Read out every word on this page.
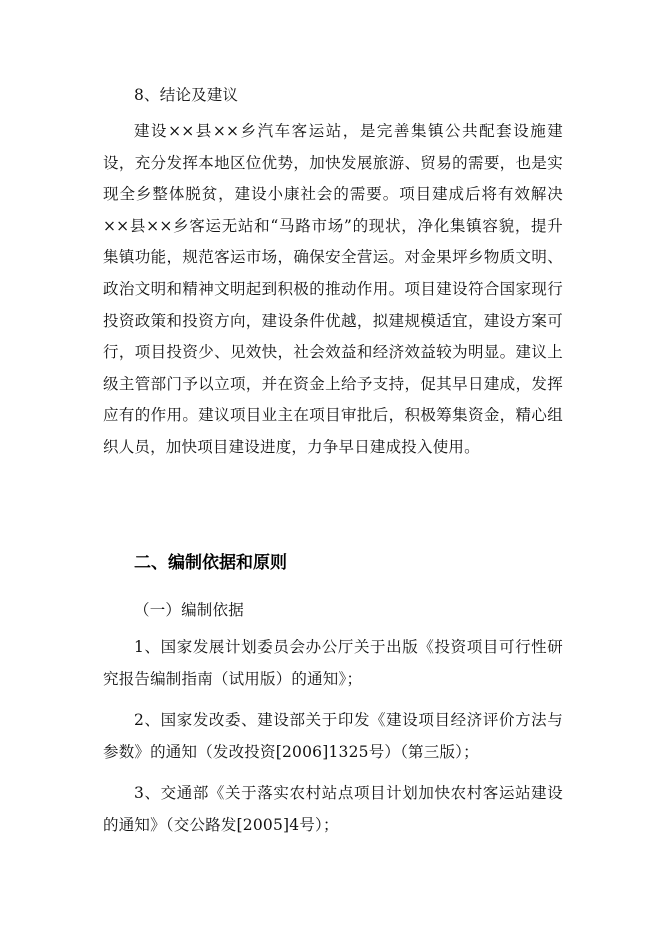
8、结论及建议

建设××县××乡汽车客运站，是完善集镇公共配套设施建设，充分发挥本地区位优势，加快发展旅游、贸易的需要，也是实现全乡整体脱贫，建设小康社会的需要。项目建成后将有效解决××县××乡客运无站和“马路市场”的现状，净化集镇容貌，提升集镇功能，规范客运市场，确保安全营运。对金果坪乡物质文明、政治文明和精神文明起到积极的推动作用。项目建设符合国家现行投资政策和投资方向，建设条件优越，拟建规模适宜，建设方案可行，项目投资少、见效快，社会效益和经济效益较为明显。建议上级主管部门予以立项，并在资金上给予支持，促其早日建成，发挥应有的作用。建议项目业主在项目审批后，积极筹集资金，精心组织人员，加快项目建设进度，力争早日建成投入使用。

二、编制依据和原则

（一）编制依据

1、国家发展计划委员会办公厅关于出版《投资项目可行性研究报告编制指南（试用版）的通知》；

2、国家发改委、建设部关于印发《建设项目经济评价方法与参数》的通知（发改投资[2006]1325号）（第三版）；

3、交通部《关于落实农村站点项目计划加快农村客运站建设的通知》（交公路发[2005]4号）；
